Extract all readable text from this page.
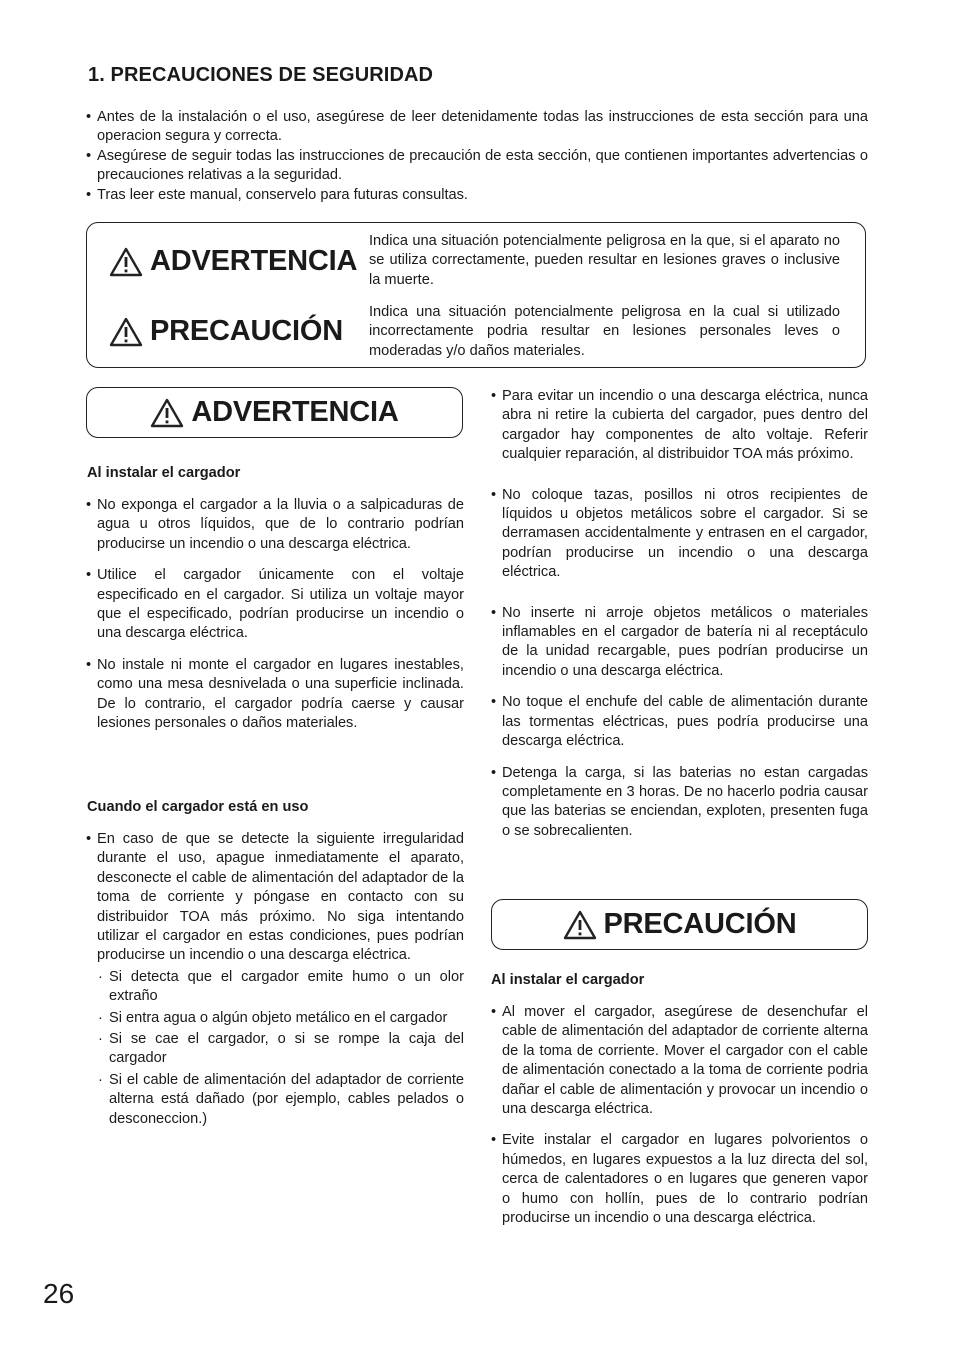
1. PRECAUCIONES DE SEGURIDAD
• Antes de la instalación o el uso, asegúrese de leer detenidamente todas las instrucciones de esta sección para una operacion segura y correcta.
• Asegúrese de seguir todas las instrucciones de precaución de esta sección, que contienen importantes advertencias o precauciones relativas a la seguridad.
• Tras leer este manual, conservelo para futuras consultas.
ADVERTENCIA
Indica una situación potencialmente peligrosa en la que, si el aparato no se utiliza correctamente, pueden resultar en lesiones graves o inclusive la muerte.
PRECAUCIÓN
Indica una situación potencialmente peligrosa en la cual si utilizado incorrectamente podria resultar en lesiones personales leves o moderadas y/o daños materiales.
ADVERTENCIA
Al instalar el cargador
• No exponga el cargador a la lluvia o a salpicaduras de agua u otros líquidos, que de lo contrario podrían producirse un incendio o una descarga eléctrica.
• Utilice el cargador únicamente con el voltaje especificado en el cargador. Si utiliza un voltaje mayor que el especificado, podrían producirse un incendio o una descarga eléctrica.
• No instale ni monte el cargador en lugares inestables, como una mesa desnivelada o una superficie inclinada. De lo contrario, el cargador podría caerse y causar lesiones personales o daños materiales.
Cuando el cargador está en uso
• En caso de que se detecte la siguiente irregularidad durante el uso, apague inmediatamente el aparato, desconecte el cable de alimentación del adaptador de la toma de corriente y póngase en contacto con su distribuidor TOA más próximo. No siga intentando utilizar el cargador en estas condiciones, pues podrían producirse un incendio o una descarga eléctrica.
· Si detecta que el cargador emite humo o un olor extraño
· Si entra agua o algún objeto metálico en el cargador
· Si se cae el cargador, o si se rompe la caja del cargador
· Si el cable de alimentación del adaptador de corriente alterna está dañado (por ejemplo, cables pelados o desconeccion.)
• Para evitar un incendio o una descarga eléctrica, nunca abra ni retire la cubierta del cargador, pues dentro del cargador hay componentes de alto voltaje. Referir cualquier reparación, al distribuidor TOA más próximo.
• No coloque tazas, posillos ni otros recipientes de líquidos u objetos metálicos sobre el cargador. Si se derramasen accidentalmente y entrasen en el cargador, podrían producirse un incendio o una descarga eléctrica.
• No inserte ni arroje objetos metálicos o materiales inflamables en el cargador de batería ni al receptáculo de la unidad recargable, pues podrían producirse un incendio o una descarga eléctrica.
• No toque el enchufe del cable de alimentación durante las tormentas eléctricas, pues podría producirse una descarga eléctrica.
• Detenga la carga, si las baterias no estan cargadas completamente en 3 horas. De no hacerlo podria causar que las baterias se enciendan, exploten, presenten fuga o se sobrecalienten.
PRECAUCIÓN
Al instalar el cargador
• Al mover el cargador, asegúrese de desenchufar el cable de alimentación del adaptador de corriente alterna de la toma de corriente. Mover el cargador con el cable de alimentación conectado a la toma de corriente podria dañar el cable de alimentación y provocar un incendio o una descarga eléctrica.
• Evite instalar el cargador en lugares polvorientos o húmedos, en lugares expuestos a la luz directa del sol, cerca de calentadores o en lugares que generen vapor o humo con hollín, pues de lo contrario podrían producirse un incendio o una descarga eléctrica.
26
